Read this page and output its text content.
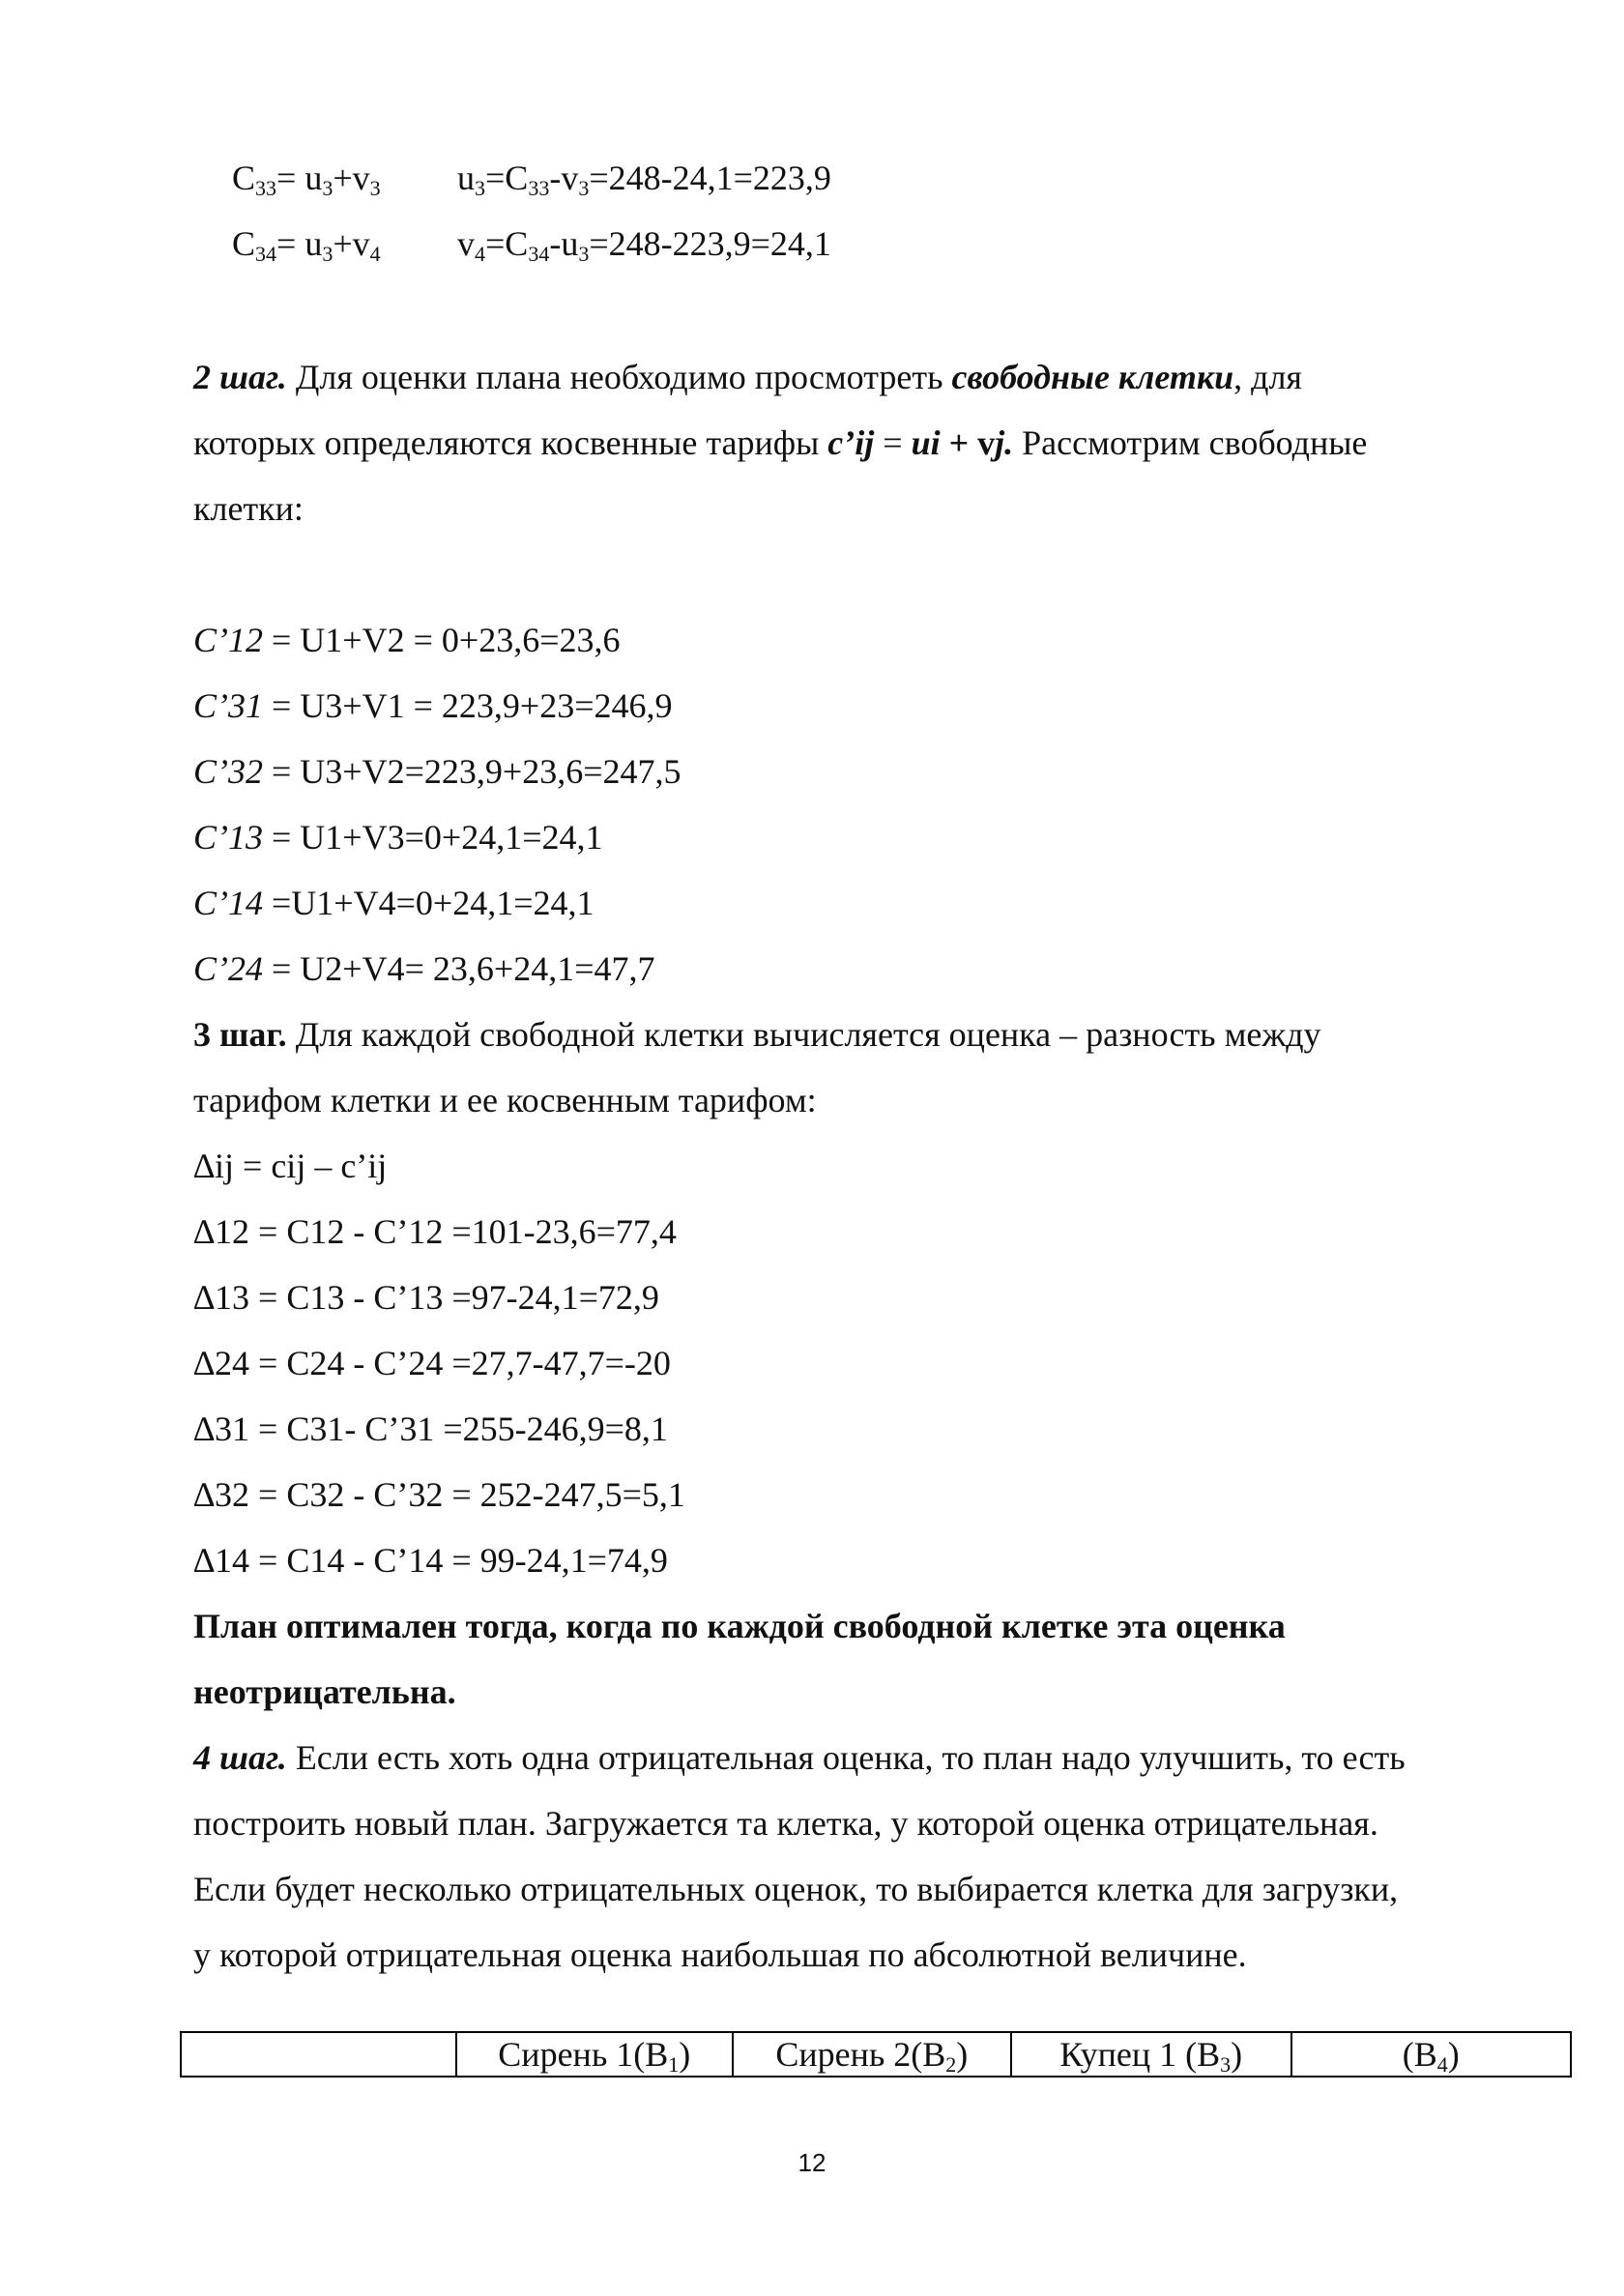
$C_{33}= u_3+v_3$ $u_3=C_{33}-v_3=248-24,1=223,9$
$C_{34}= u_3+v_4$ $v_4=C_{34}-u_3=248-223,9=24,1$
2 шаг. Для оценки плана необходимо просмотреть свободные клетки, для
которых определяются косвенные тарифы c’ij = ui + vj. Рассмотрим свободные
клетки:
C’12 = U1+V2 = 0+23,6=23,6
C’31 = U3+V1 = 223,9+23=246,9
C’32 = U3+V2=223,9+23,6=247,5
C’13 = U1+V3=0+24,1=24,1
C’14 =U1+V4=0+24,1=24,1
C’24 = U2+V4= 23,6+24,1=47,7
3 шаг. Для каждой свободной клетки вычисляется оценка – разность между
тарифом клетки и ее косвенным тарифом:
∆ij = cij – c’ij
∆12 = C12 - C’12 =101-23,6=77,4
∆13 = C13 - C’13 =97-24,1=72,9
∆24 = C24 - C’24 =27,7-47,7=-20
∆31 = C31- C’31 =255-246,9=8,1
∆32 = C32 - C’32 = 252-247,5=5,1
∆14 = C14 - C’14 = 99-24,1=74,9
План оптимален тогда, когда по каждой свободной клетке эта оценка
неотрицательна.
4 шаг. Если есть хоть одна отрицательная оценка, то план надо улучшить, то есть
построить новый план. Загружается та клетка, у которой оценка отрицательная.
Если будет несколько отрицательных оценок, то выбирается клетка для загрузки,
у которой отрицательная оценка наибольшая по абсолютной величине.
	Сирень $1(B_1)$	Сирень $2(B_2)$	Купец 1 $(B_3)$	$(B_4)$
12
